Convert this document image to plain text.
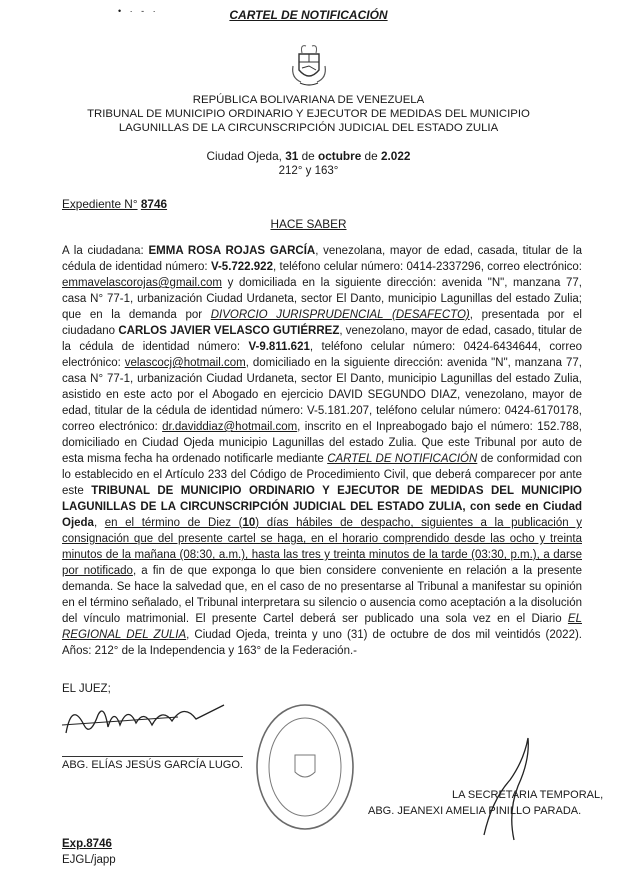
• · - ·	CARTEL DE NOTIFICACIÓN
REPÚBLICA BOLIVARIANA DE VENEZUELA
TRIBUNAL DE MUNICIPIO ORDINARIO Y EJECUTOR DE MEDIDAS DEL MUNICIPIO
LAGUNILLAS DE LA CIRCUNSCRIPCIÓN JUDICIAL DEL ESTADO ZULIA
Ciudad Ojeda, 31 de octubre de 2.022
212° y 163°
Expediente N° 8746
HACE SABER

A la ciudadana: EMMA ROSA ROJAS GARCÍA, venezolana, mayor de edad, casada, titular de la cédula de identidad número: V-5.722.922, teléfono celular número: 0414-2337296, correo electrónico: emmavelascorojas@gmail.com y domiciliada en la siguiente dirección: avenida "N", manzana 77, casa N° 77-1, urbanización Ciudad Urdaneta, sector El Danto, municipio Lagunillas del estado Zulia; que en la demanda por DIVORCIO JURISPRUDENCIAL (DESAFECTO), presentada por el ciudadano CARLOS JAVIER VELASCO GUTIÉRREZ, venezolano, mayor de edad, casado, titular de la cédula de identidad número: V-9.811.621, teléfono celular número: 0424-6434644, correo electrónico: velascocj@hotmail.com, domiciliado en la siguiente dirección: avenida "N", manzana 77, casa N° 77-1, urbanización Ciudad Urdaneta, sector El Danto, municipio Lagunillas del estado Zulia, asistido en este acto por el Abogado en ejercicio DAVID SEGUNDO DIAZ, venezolano, mayor de edad, titular de la cédula de identidad número: V-5.181.207, teléfono celular número: 0424-6170178, correo electrónico: dr.daviddiaz@hotmail.com, inscrito en el Inpreabogado bajo el número: 152.788, domiciliado en Ciudad Ojeda municipio Lagunillas del estado Zulia. Que este Tribunal por auto de esta misma fecha ha ordenado notificarle mediante CARTEL DE NOTIFICACIÓN de conformidad con lo establecido en el Artículo 233 del Código de Procedimiento Civil, que deberá comparecer por ante este TRIBUNAL DE MUNICIPIO ORDINARIO Y EJECUTOR DE MEDIDAS DEL MUNICIPIO LAGUNILLAS DE LA CIRCUNSCRIPCIÓN JUDICIAL DEL ESTADO ZULIA, con sede en Ciudad Ojeda, en el término de Diez (10) días hábiles de despacho, siguientes a la publicación y consignación que del presente cartel se haga, en el horario comprendido desde las ocho y treinta minutos de la mañana (08:30, a.m.), hasta las tres y treinta minutos de la tarde (03:30, p.m.), a darse por notificado, a fin de que exponga lo que bien considere conveniente en relación a la presente demanda. Se hace la salvedad que, en el caso de no presentarse al Tribunal a manifestar su opinión en el término señalado, el Tribunal interpretara su silencio o ausencia como aceptación a la disolución del vínculo matrimonial. El presente Cartel deberá ser publicado una sola vez en el Diario EL REGIONAL DEL ZULIA, Ciudad Ojeda, treinta y uno (31) de octubre de dos mil veintidós (2022). Años: 212° de la Independencia y 163° de la Federación.-

EL JUEZ;
ABG. ELÍAS JESÚS GARCÍA LUGO.
LA SECRETARIA TEMPORAL,
ABG. JEANEXI AMELIA PINILLO PARADA.
Exp.8746
EJGL/japp
